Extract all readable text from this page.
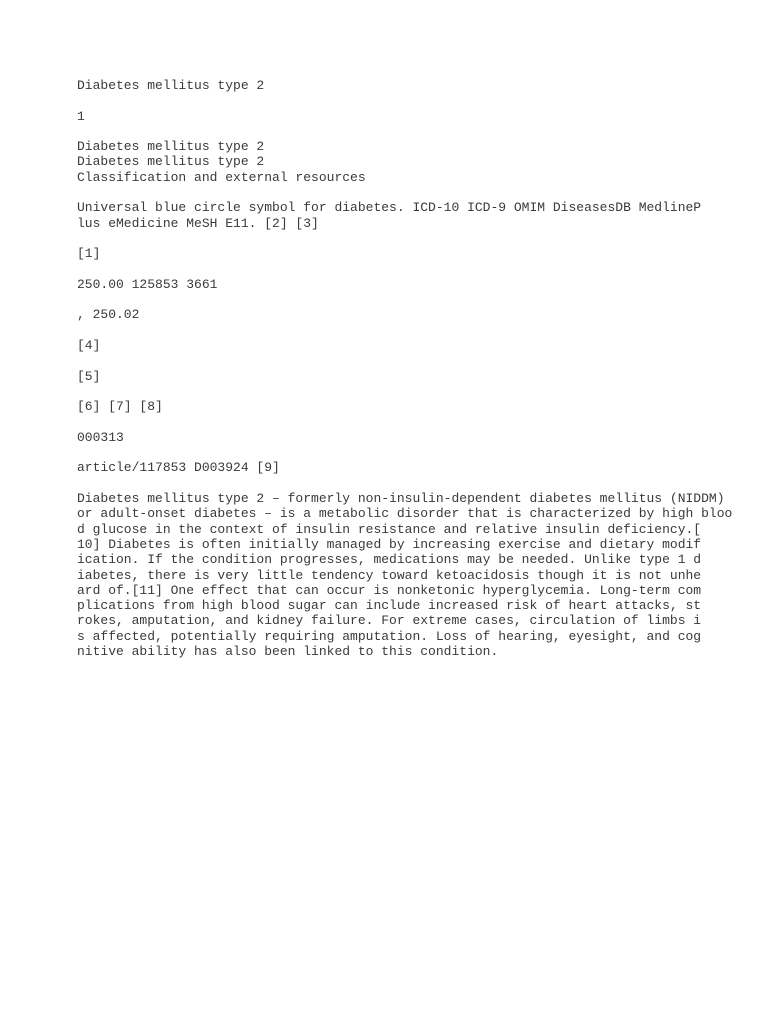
Diabetes mellitus type 2
1
Diabetes mellitus type 2
Diabetes mellitus type 2
Classification and external resources
Universal blue circle symbol for diabetes. ICD-10 ICD-9 OMIM DiseasesDB MedlineP
lus eMedicine MeSH E11. [2] [3]
[1]
250.00 125853 3661
, 250.02
[4]
[5]
[6] [7] [8]
000313
article/117853 D003924 [9]
Diabetes mellitus type 2 – formerly non-insulin-dependent diabetes mellitus (NIDDM)
or adult-onset diabetes – is a metabolic disorder that is characterized by high bloo
d glucose in the context of insulin resistance and relative insulin deficiency.[
10] Diabetes is often initially managed by increasing exercise and dietary modif
ication. If the condition progresses, medications may be needed. Unlike type 1 d
iabetes, there is very little tendency toward ketoacidosis though it is not unhe
ard of.[11] One effect that can occur is nonketonic hyperglycemia. Long-term com
plications from high blood sugar can include increased risk of heart attacks, st
rokes, amputation, and kidney failure. For extreme cases, circulation of limbs i
s affected, potentially requiring amputation. Loss of hearing, eyesight, and cog
nitive ability has also been linked to this condition.
